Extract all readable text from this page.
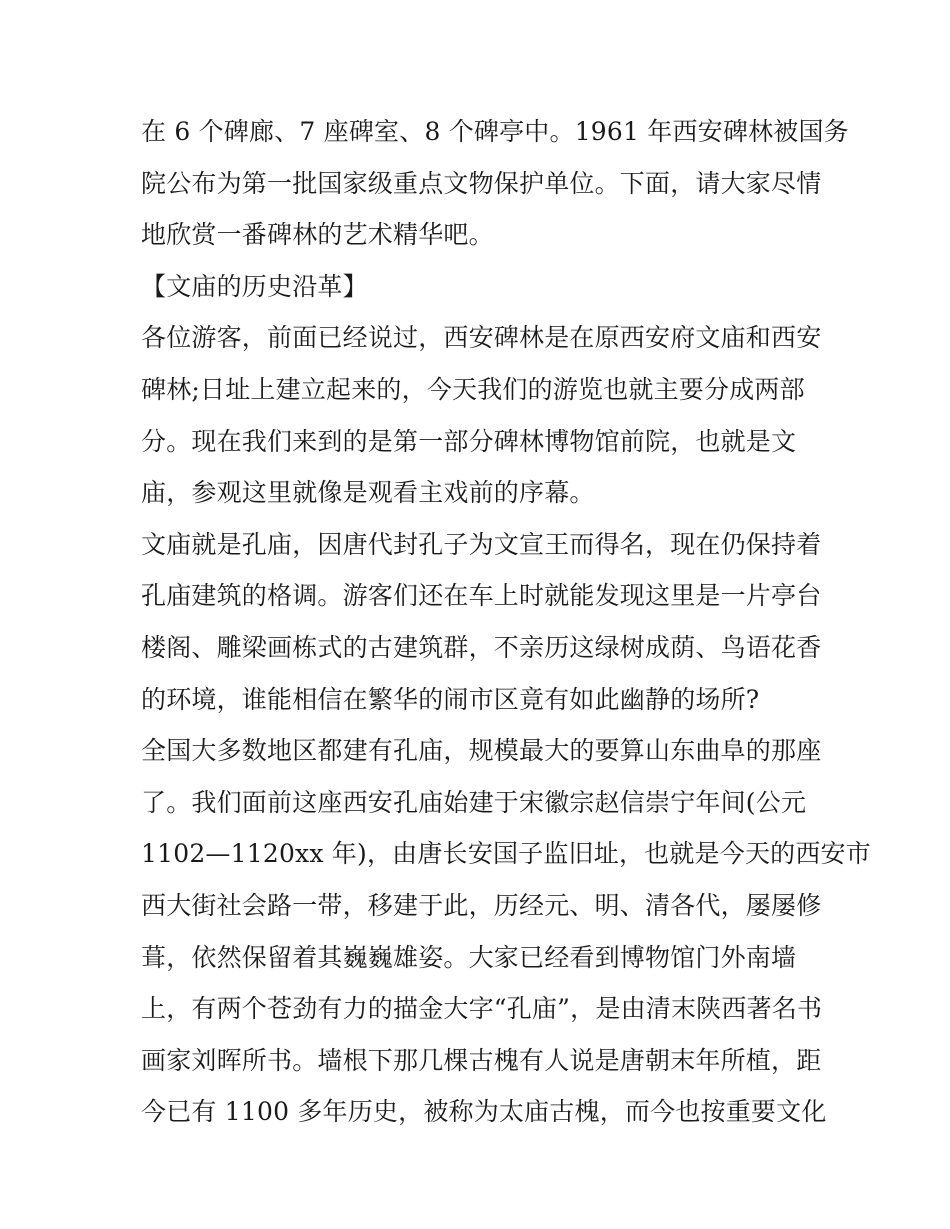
在 6 个碑廊、7 座碑室、8 个碑亭中。1961 年西安碑林被国务
院公布为第一批国家级重点文物保护单位。下面，请大家尽情
地欣赏一番碑林的艺术精华吧。
【文庙的历史沿革】
各位游客，前面已经说过，西安碑林是在原西安府文庙和西安
碑林;日址上建立起来的，今天我们的游览也就主要分成两部
分。现在我们来到的是第一部分碑林博物馆前院，也就是文
庙，参观这里就像是观看主戏前的序幕。
文庙就是孔庙，因唐代封孔子为文宣王而得名，现在仍保持着
孔庙建筑的格调。游客们还在车上时就能发现这里是一片亭台
楼阁、雕梁画栋式的古建筑群，不亲历这绿树成荫、鸟语花香
的环境，谁能相信在繁华的闹市区竟有如此幽静的场所?
全国大多数地区都建有孔庙，规模最大的要算山东曲阜的那座
了。我们面前这座西安孔庙始建于宋徽宗赵信崇宁年间(公元
1102—1120xx 年)，由唐长安国子监旧址，也就是今天的西安市
西大街社会路一带，移建于此，历经元、明、清各代，屡屡修
葺，依然保留着其巍巍雄姿。大家已经看到博物馆门外南墙
上，有两个苍劲有力的描金大字“孔庙”，是由清末陕西著名书
画家刘晖所书。墙根下那几棵古槐有人说是唐朝末年所植，距
今已有 1100 多年历史，被称为太庙古槐，而今也按重要文化
